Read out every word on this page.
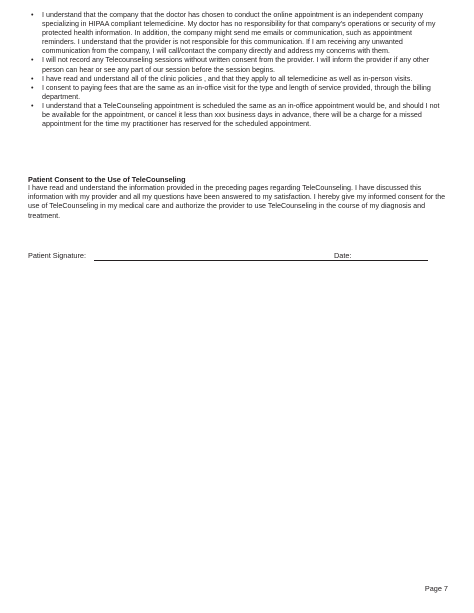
• I understand that the company that the doctor has chosen to conduct the online appointment is an independent company specializing in HIPAA compliant telemedicine. My doctor has no responsibility for that company’s operations or security of my protected health information. In addition, the company might send me emails or communication, such as appointment reminders. I understand that the provider is not responsible for this communication. If I am receiving any unwanted communication from the company, I will call/contact the company directly and address my concerns with them.
• I will not record any Telecounseling sessions without written consent from the provider. I will inform the provider if any other person can hear or see any part of our session before the session begins.
• I have read and understand all of the clinic policies , and that they apply to all telemedicine as well as in-person visits.
• I consent to paying fees that are the same as an in-office visit for the type and length of service provided, through the billing department.
• I understand that a TeleCounseling appointment is scheduled the same as an in-office appointment would be, and should I not be available for the appointment, or cancel it less than xxx business days in advance, there will be a charge for a missed appointment for the time my practitioner has reserved for the scheduled appointment.

Patient Consent to the Use of TeleCounseling

I have read and understand the information provided in the preceding pages regarding TeleCounseling. I have discussed this information with my provider and all my questions have been answered to my satisfaction. I hereby give my informed consent for the use of TeleCounseling in my medical care and authorize the provider to use TeleCounseling in the course of my diagnosis and treatment.

Patient Signature:	Date:
Page 7
